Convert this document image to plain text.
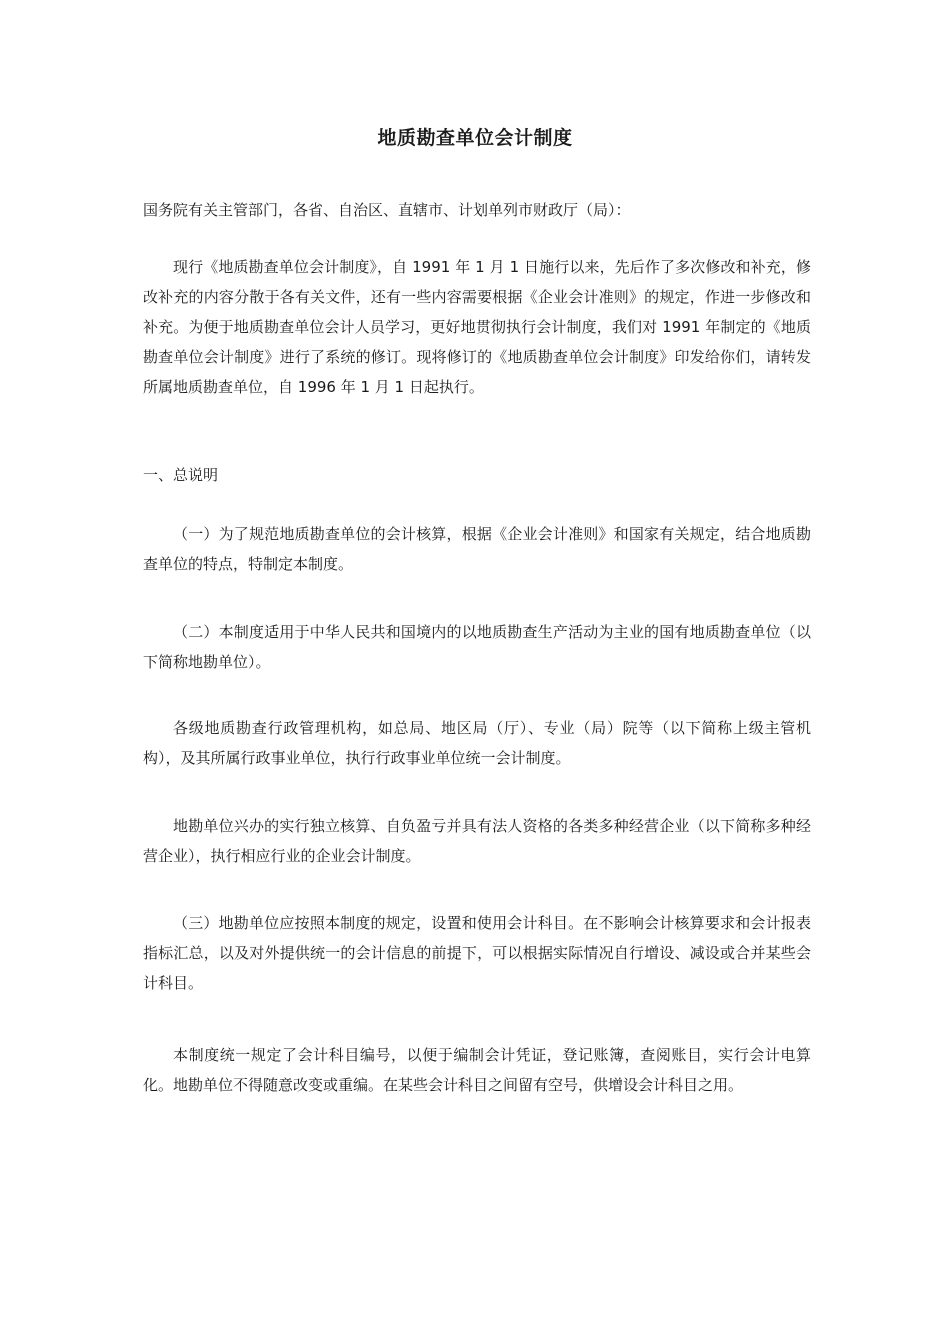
地质勘查单位会计制度
国务院有关主管部门，各省、自治区、直辖市、计划单列市财政厅（局）：

现行《地质勘查单位会计制度》，自 1991 年 1 月 1 日施行以来，先后作了多次修改和补充，修改补充的内容分散于各有关文件，还有一些内容需要根据《企业会计准则》的规定，作进一步修改和补充。为便于地质勘查单位会计人员学习，更好地贯彻执行会计制度，我们对 1991 年制定的《地质勘查单位会计制度》进行了系统的修订。现将修订的《地质勘查单位会计制度》印发给你们，请转发所属地质勘查单位，自 1996 年 1 月 1 日起执行。

一、总说明

（一）为了规范地质勘查单位的会计核算，根据《企业会计准则》和国家有关规定，结合地质勘查单位的特点，特制定本制度。

（二）本制度适用于中华人民共和国境内的以地质勘查生产活动为主业的国有地质勘查单位（以下简称地勘单位）。

各级地质勘查行政管理机构，如总局、地区局（厅）、专业（局）院等（以下简称上级主管机构），及其所属行政事业单位，执行行政事业单位统一会计制度。

地勘单位兴办的实行独立核算、自负盈亏并具有法人资格的各类多种经营企业（以下简称多种经营企业），执行相应行业的企业会计制度。

（三）地勘单位应按照本制度的规定，设置和使用会计科目。在不影响会计核算要求和会计报表指标汇总，以及对外提供统一的会计信息的前提下，可以根据实际情况自行增设、减设或合并某些会计科目。

本制度统一规定了会计科目编号，以便于编制会计凭证，登记账簿，查阅账目，实行会计电算化。地勘单位不得随意改变或重编。在某些会计科目之间留有空号，供增设会计科目之用。
